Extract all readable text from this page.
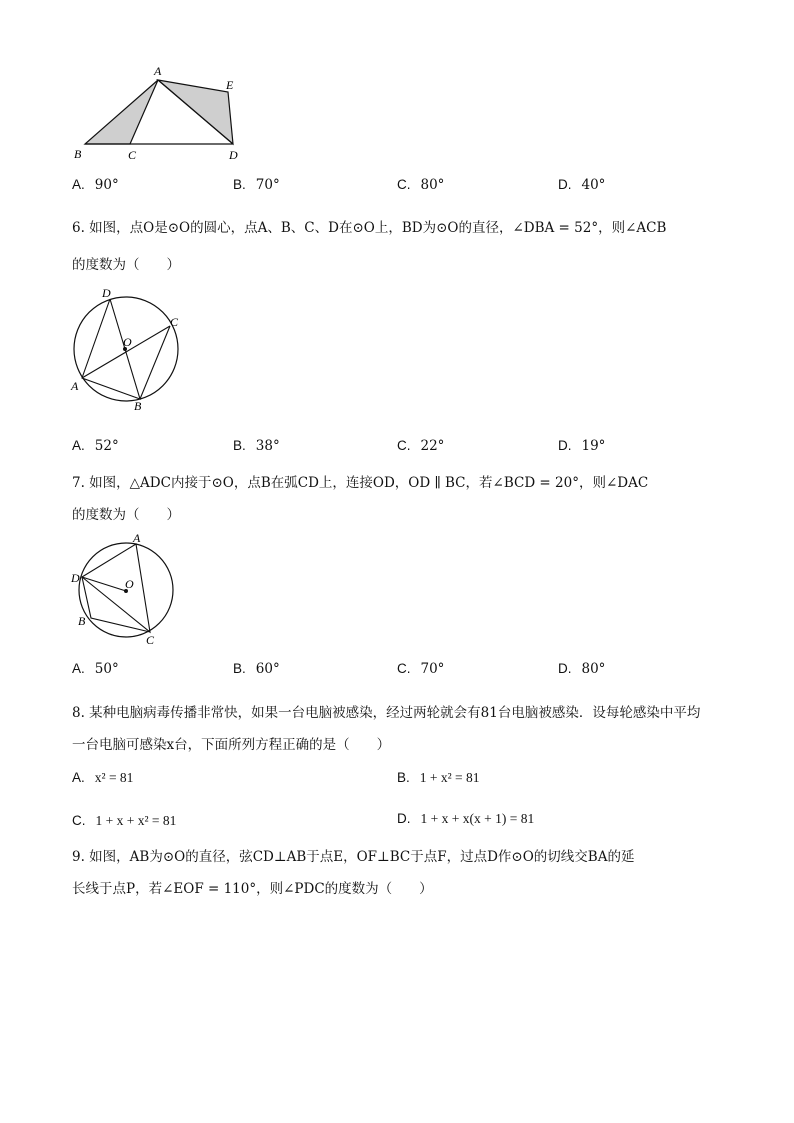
A
E
B	C	D
A. 90°	B. 70°	C. 80°	D. 40°
6. 如图，点O是⊙O的圆心，点A、B、C、D在⊙O上，BD为⊙O的直径，∠DBA = 52°，则∠ACB
的度数为（　　）
D
C
O
A
B
A. 52°	B. 38°	C. 22°	D. 19°
7. 如图，△ADC内接于⊙O，点B在弧CD上，连接OD，OD ∥ BC，若∠BCD = 20°，则∠DAC
的度数为（　　）
A
D	O
B
C
A. 50°	B. 60°	C. 70°	D. 80°
8. 某种电脑病毒传播非常快，如果一台电脑被感染，经过两轮就会有81台电脑被感染．设每轮感染中平均
一台电脑可感染x台，下面所列方程正确的是（　　）
A. x² = 81	B. 1 + x² = 81
C. 1 + x + x² = 81	D. 1 + x + x(x + 1) = 81
9. 如图，AB为⊙O的直径，弦CD⊥AB于点E，OF⊥BC于点F，过点D作⊙O的切线交BA的延
长线于点P，若∠EOF = 110°，则∠PDC的度数为（　　）
